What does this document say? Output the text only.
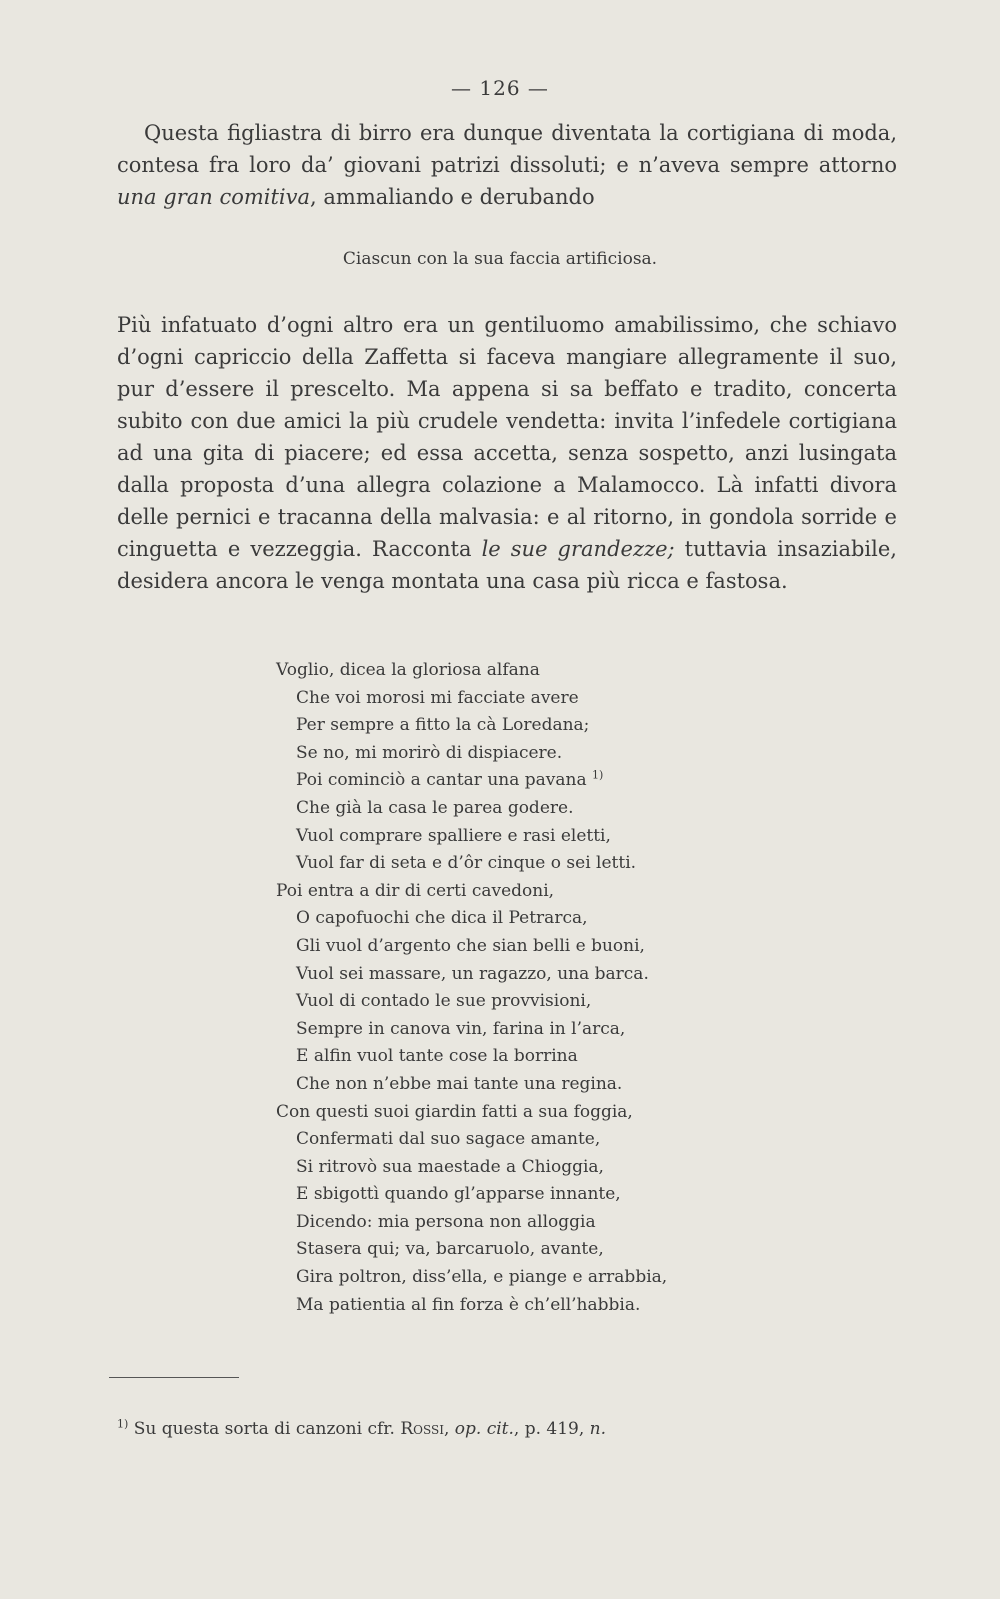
— 126 —
Questa figliastra di birro era dunque diventata la cortigiana di moda, contesa fra loro da’ giovani patrizi dissoluti; e n’aveva sempre attorno una gran comitiva, ammaliando e derubando
Ciascun con la sua faccia artificiosa.
Più infatuato d’ogni altro era un gentiluomo amabilissimo, che schiavo d’ogni capriccio della Zaffetta si faceva mangiare allegramente il suo, pur d’essere il prescelto. Ma appena si sa beffato e tradito, concerta subito con due amici la più crudele vendetta: invita l’infedele cortigiana ad una gita di piacere; ed essa accetta, senza sospetto, anzi lusingata dalla proposta d’una allegra colazione a Malamocco. Là infatti divora delle pernici e tracanna della malvasia: e al ritorno, in gondola sorride e cinguetta e vezzeggia. Racconta le sue grandezze; tuttavia insaziabile, desidera ancora le venga montata una casa più ricca e fastosa.
Voglio, dicea la gloriosa alfana
Che voi morosi mi facciate avere
Per sempre a fitto la cà Loredana;
Se no, mi morirò di dispiacere.
Poi cominciò a cantar una pavana $^{1)}$
Che già la casa le parea godere.
Vuol comprare spalliere e rasi eletti,
Vuol far di seta e d’ôr cinque o sei letti.
Poi entra a dir di certi cavedoni,
O capofuochi che dica il Petrarca,
Gli vuol d’argento che sian belli e buoni,
Vuol sei massare, un ragazzo, una barca.
Vuol di contado le sue provvisioni,
Sempre in canova vin, farina in l’arca,
E alfin vuol tante cose la borrina
Che non n’ebbe mai tante una regina.
Con questi suoi giardin fatti a sua foggia,
Confermati dal suo sagace amante,
Si ritrovò sua maestade a Chioggia,
E sbigottì quando gl’apparse innante,
Dicendo: mia persona non alloggia
Stasera qui; va, barcaruolo, avante,
Gira poltron, diss’ella, e piange e arrabbia,
Ma patientia al fin forza è ch’ell’habbia.
$^{1)}$ Su questa sorta di canzoni cfr. Rossi, op. cit., p. 419, n.
